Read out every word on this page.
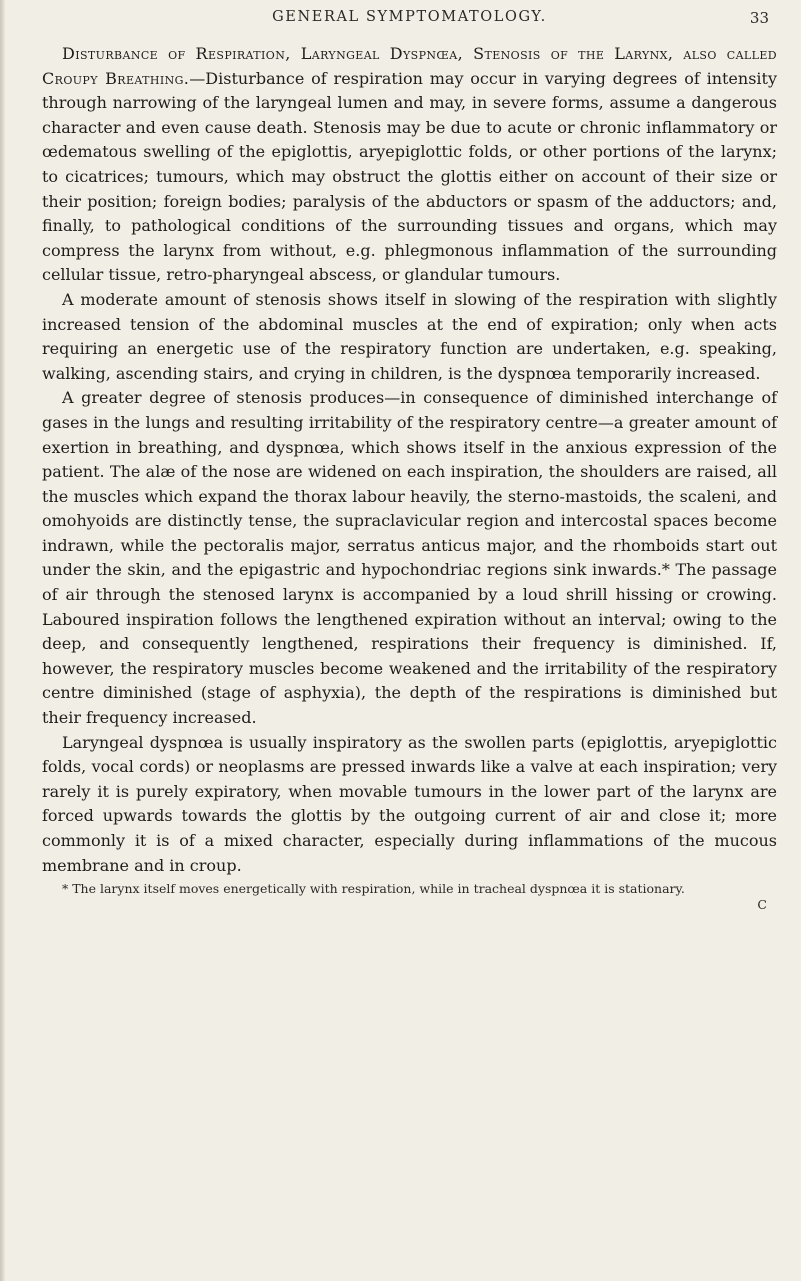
GENERAL SYMPTOMATOLOGY.	33

Disturbance of Respiration, Laryngeal Dyspnœa, Stenosis of the Larynx, also called Croupy Breathing.—Disturbance of respiration may occur in varying degrees of intensity through narrowing of the laryngeal lumen and may, in severe forms, assume a dangerous character and even cause death. Stenosis may be due to acute or chronic inflammatory or œdematous swelling of the epiglottis, aryepiglottic folds, or other portions of the larynx; to cicatrices; tumours, which may obstruct the glottis either on account of their size or their position; foreign bodies; paralysis of the abductors or spasm of the adductors; and, finally, to pathological conditions of the surrounding tissues and organs, which may compress the larynx from without, e.g. phlegmonous inflammation of the surrounding cellular tissue, retro-pharyngeal abscess, or glandular tumours.

A moderate amount of stenosis shows itself in slowing of the respiration with slightly increased tension of the abdominal muscles at the end of expiration; only when acts requiring an energetic use of the respiratory function are undertaken, e.g. speaking, walking, ascending stairs, and crying in children, is the dyspnœa temporarily increased.

A greater degree of stenosis produces—in consequence of diminished interchange of gases in the lungs and resulting irritability of the respiratory centre—a greater amount of exertion in breathing, and dyspnœa, which shows itself in the anxious expression of the patient. The alæ of the nose are widened on each inspiration, the shoulders are raised, all the muscles which expand the thorax labour heavily, the sterno-mastoids, the scaleni, and omohyoids are distinctly tense, the supraclavicular region and intercostal spaces become indrawn, while the pectoralis major, serratus anticus major, and the rhomboids start out under the skin, and the epigastric and hypochondriac regions sink inwards.* The passage of air through the stenosed larynx is accompanied by a loud shrill hissing or crowing. Laboured inspiration follows the lengthened expiration without an interval; owing to the deep, and consequently lengthened, respirations their frequency is diminished. If, however, the respiratory muscles become weakened and the irritability of the respiratory centre diminished (stage of asphyxia), the depth of the respirations is diminished but their frequency increased.

Laryngeal dyspnœa is usually inspiratory as the swollen parts (epiglottis, aryepiglottic folds, vocal cords) or neoplasms are pressed inwards like a valve at each inspiration; very rarely it is purely expiratory, when movable tumours in the lower part of the larynx are forced upwards towards the glottis by the outgoing current of air and close it; more commonly it is of a mixed character, especially during inflammations of the mucous membrane and in croup.

* The larynx itself moves energetically with respiration, while in tracheal dyspnœa it is stationary.
C
